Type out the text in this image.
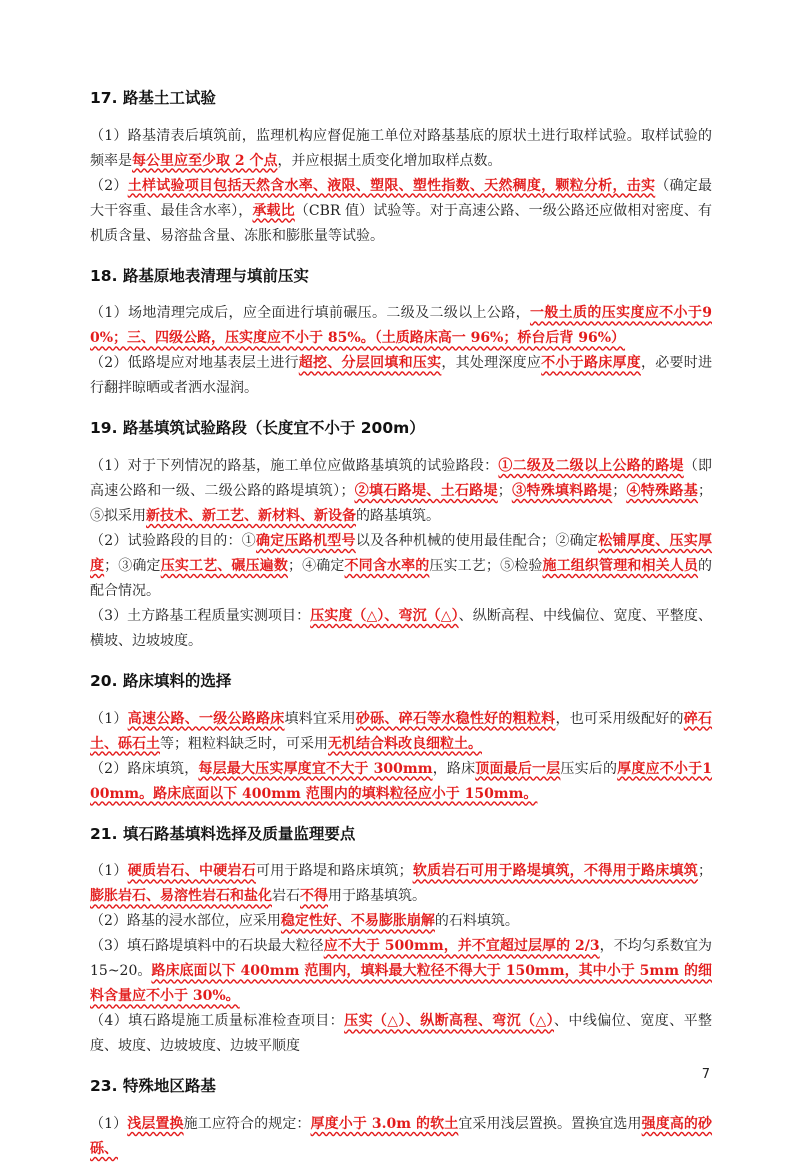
17. 路基土工试验

（1）路基清表后填筑前，监理机构应督促施工单位对路基基底的原状土进行取样试验。取样试验的频率是每公里应至少取 2 个点，并应根据土质变化增加取样点数。

（2）土样试验项目包括天然含水率、液限、塑限、塑性指数、天然稠度，颗粒分析，击实（确定最大干容重、最佳含水率），承载比（CBR 值）试验等。对于高速公路、一级公路还应做相对密度、有机质含量、易溶盐含量、冻胀和膨胀量等试验。

18. 路基原地表清理与填前压实

（1）场地清理完成后，应全面进行填前碾压。二级及二级以上公路，一般土质的压实度应不小于90%；三、四级公路，压实度应不小于 85%。（土质路床高一 96%；桥台后背 96%）

（2）低路堤应对地基表层土进行超挖、分层回填和压实，其处理深度应不小于路床厚度，必要时进行翻拌晾晒或者洒水湿润。

19. 路基填筑试验路段（长度宜不小于 200m）

（1）对于下列情况的路基，施工单位应做路基填筑的试验路段：①二级及二级以上公路的路堤（即高速公路和一级、二级公路的路堤填筑）；②填石路堤、土石路堤；③特殊填料路堤；④特殊路基；⑤拟采用新技术、新工艺、新材料、新设备的路基填筑。

（2）试验路段的目的：①确定压路机型号以及各种机械的使用最佳配合；②确定松铺厚度、压实厚度；③确定压实工艺、碾压遍数；④确定不同含水率的压实工艺；⑤检验施工组织管理和相关人员的配合情况。

（3）土方路基工程质量实测项目：压实度（△）、弯沉（△）、纵断高程、中线偏位、宽度、平整度、横坡、边坡坡度。

20. 路床填料的选择

（1）高速公路、一级公路路床填料宜采用砂砾、碎石等水稳性好的粗粒料，也可采用级配好的碎石土、砾石土等；粗粒料缺乏时，可采用无机结合料改良细粒土。

（2）路床填筑，每层最大压实厚度宜不大于 300mm，路床顶面最后一层压实后的厚度应不小于100mm。路床底面以下 400mm 范围内的填料粒径应小于 150mm。

21. 填石路基填料选择及质量监理要点

（1）硬质岩石、中硬岩石可用于路堤和路床填筑；软质岩石可用于路堤填筑，不得用于路床填筑；膨胀岩石、易溶性岩石和盐化岩石不得用于路基填筑。

（2）路基的浸水部位，应采用稳定性好、不易膨胀崩解的石料填筑。

（3）填石路堤填料中的石块最大粒径应不大于 500mm，并不宜超过层厚的 2/3，不均匀系数宜为 15~20。路床底面以下 400mm 范围内，填料最大粒径不得大于 150mm，其中小于 5mm 的细料含量应不小于 30%。

（4）填石路堤施工质量标准检查项目：压实（△）、纵断高程、弯沉（△）、中线偏位、宽度、平整度、坡度、边坡坡度、边坡平顺度

23. 特殊地区路基

（1）浅层置换施工应符合的规定：厚度小于 3.0m 的软土宜采用浅层置换。置换宜选用强度高的砂砾、

7
